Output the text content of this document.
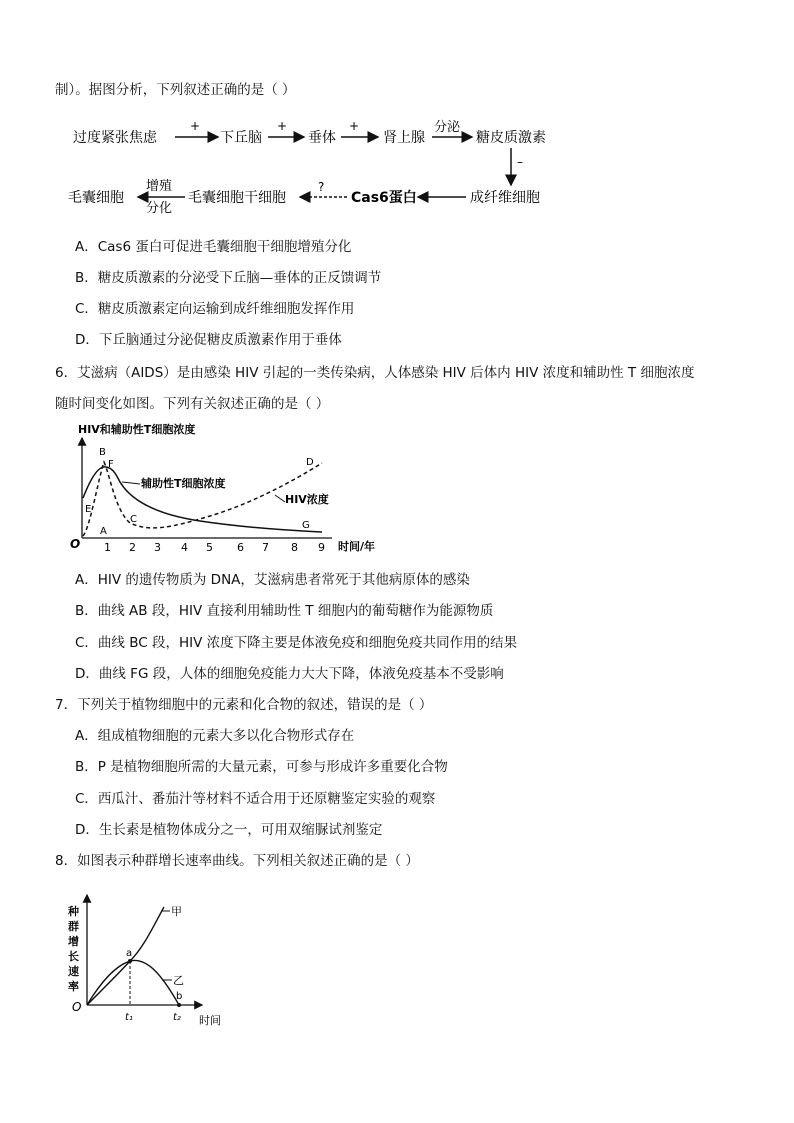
制）。据图分析，下列叙述正确的是（ ）
过度紧张焦虑
+
下丘脑
+
垂体
+
肾上腺
分泌
糖皮质激素
–
成纤维细胞
Cas6蛋白
?
毛囊细胞干细胞
增殖
分化
毛囊细胞
A．Cas6 蛋白可促进毛囊细胞干细胞增殖分化
B．糖皮质激素的分泌受下丘脑—垂体的正反馈调节
C．糖皮质激素定向运输到成纤维细胞发挥作用
D．下丘脑通过分泌促糖皮质激素作用于垂体
6．艾滋病（AIDS）是由感染 HIV 引起的一类传染病，人体感染 HIV 后体内 HIV 浓度和辅助性 T 细胞浓度
随时间变化如图。下列有关叙述正确的是（ ）
HIV和辅助性T细胞浓度
O 1 2 3 4 5 6 7 8 9 时间/年
辅助性T细胞浓度
HIV浓度
A
B
C
D
E
F
G
A．HIV 的遗传物质为 DNA，艾滋病患者常死于其他病原体的感染
B．曲线 AB 段，HIV 直接利用辅助性 T 细胞内的葡萄糖作为能源物质
C．曲线 BC 段，HIV 浓度下降主要是体液免疫和细胞免疫共同作用的结果
D．曲线 FG 段，人体的细胞免疫能力大大下降，体液免疫基本不受影响
7．下列关于植物细胞中的元素和化合物的叙述，错误的是（ ）
A．组成植物细胞的元素大多以化合物形式存在
B．P 是植物细胞所需的大量元素，可参与形成许多重要化合物
C．西瓜汁、番茄汁等材料不适合用于还原糖鉴定实验的观察
D．生长素是植物体成分之一，可用双缩脲试剂鉴定
8．如图表示种群增长速率曲线。下列相关叙述正确的是（ ）
种
群
增
长
速
率
O
甲
乙
a
b
t₁	t₂ 时间
